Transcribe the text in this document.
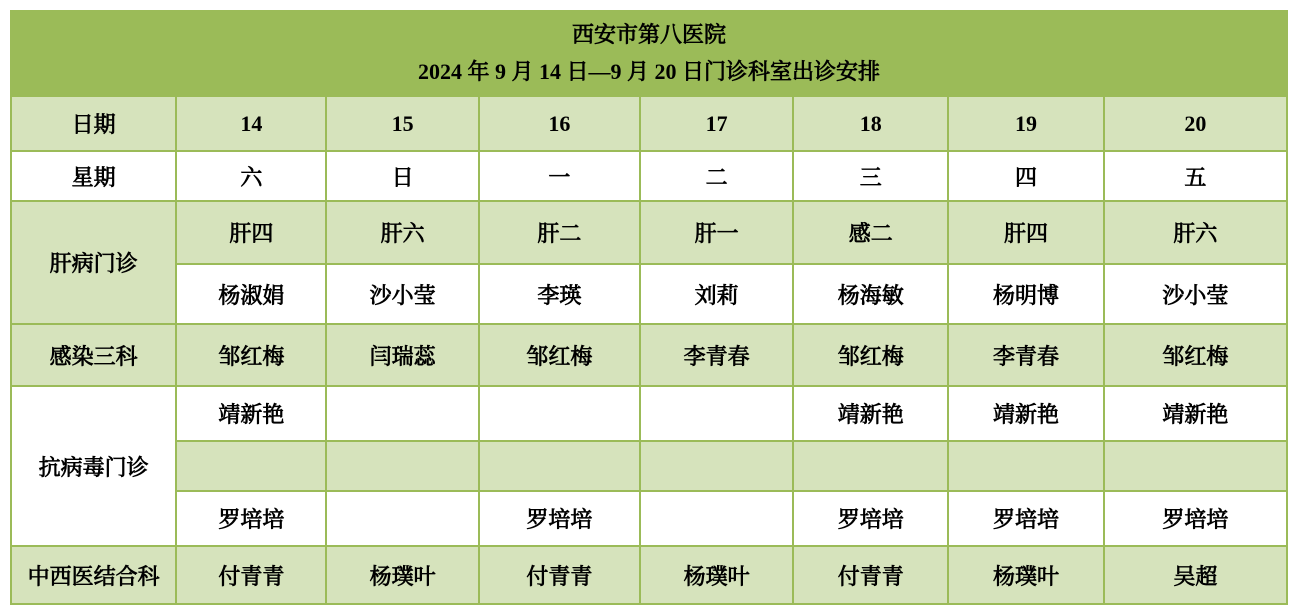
西安市第八医院
2024 年 9 月 14 日—9 月 20 日门诊科室出诊安排							

日期	14	15	16	17	18	19	20
星期	六	日	一	二	三	四	五
肝病门诊	肝四	肝六	肝二	肝一	感二	肝四	肝六
	杨淑娟	沙小莹	李瑛	刘莉	杨海敏	杨明博	沙小莹
感染三科	邹红梅	闫瑞蕊	邹红梅	李青春	邹红梅	李青春	邹红梅
抗病毒门诊	靖新艳				靖新艳	靖新艳	靖新艳

	罗培培		罗培培		罗培培	罗培培	罗培培
中西医结合科	付青青	杨璞叶	付青青	杨璞叶	付青青	杨璞叶	吴超
